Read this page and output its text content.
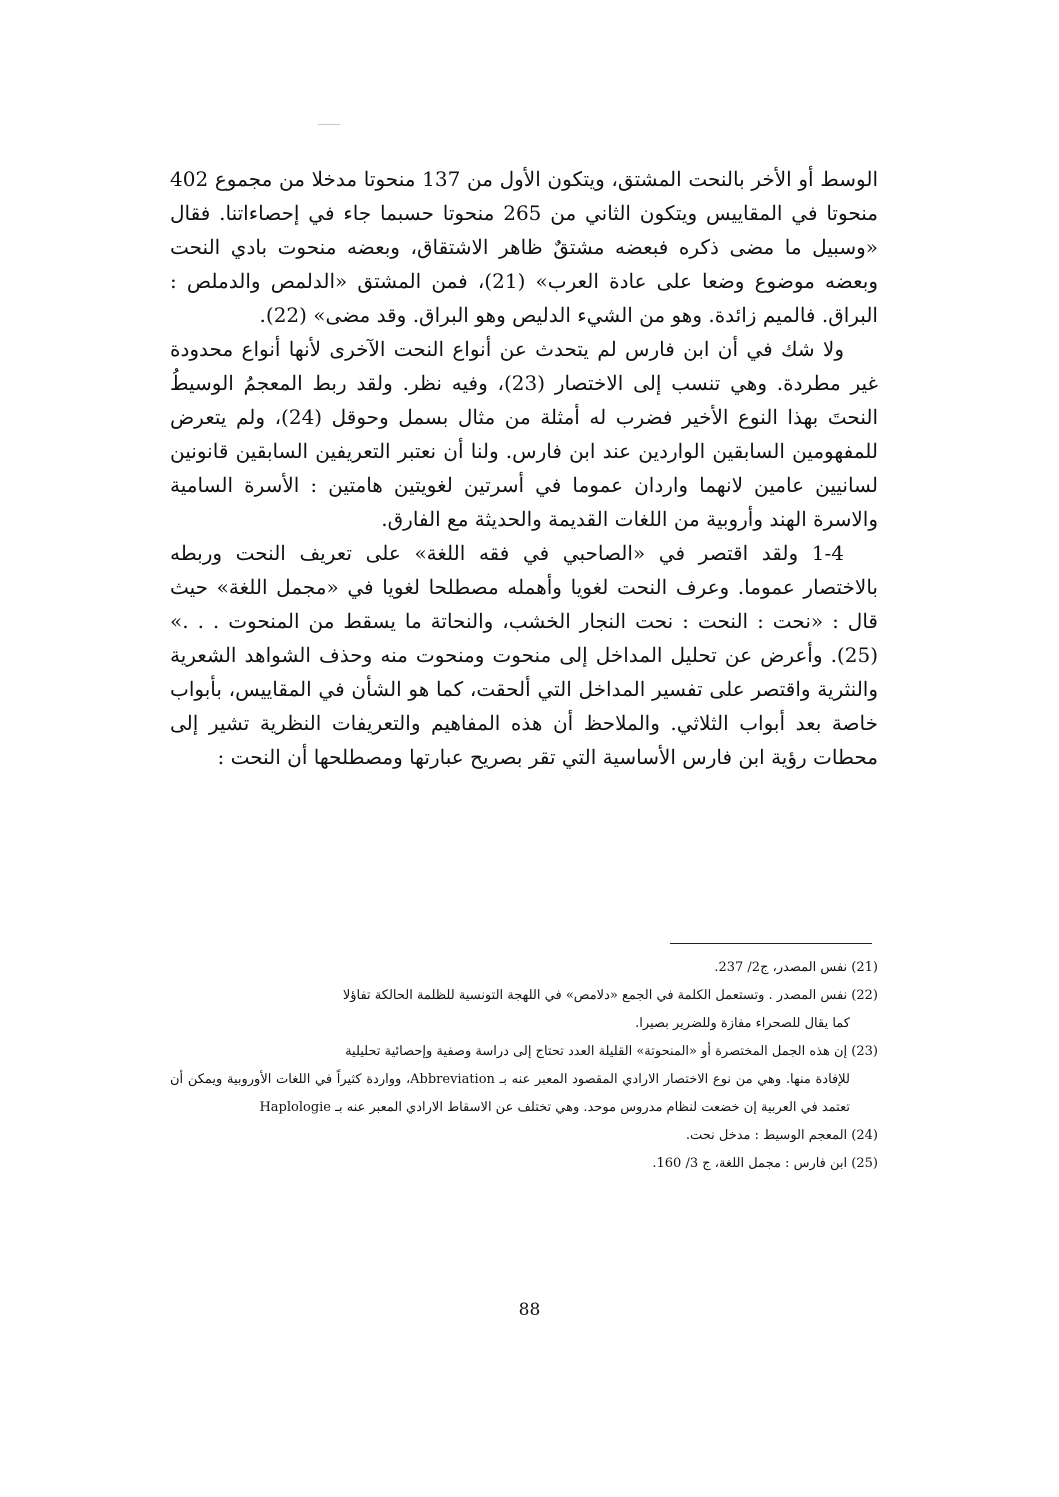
الوسط أو الأخر بالنحت المشتق، ويتكون الأول من 137 منحوتا مدخلا من مجموع 402 منحوتا في المقاييس ويتكون الثاني من 265 منحوتا حسبما جاء في إحصاءاتنا. فقال «وسبيل ما مضى ذكره فبعضه مشتقٌ ظاهر الاشتقاق، وبعضه منحوت بادي النحت وبعضه موضوع وضعا على عادة العرب» (21)، فمن المشتق «الدلمص والدملص : البراق. فالميم زائدة. وهو من الشيء الدليص وهو البراق. وقد مضى» (22).

ولا شك في أن ابن فارس لم يتحدث عن أنواع النحت الآخرى لأنها أنواع محدودة غير مطردة. وهي تنسب إلى الاختصار (23)، وفيه نظر. ولقد ربط المعجمُ الوسيطُ النحتَ بهذا النوع الأخير فضرب له أمثلة من مثال بسمل وحوقل (24)، ولم يتعرض للمفهومين السابقين الواردين عند ابن فارس. ولنا أن نعتبر التعريفين السابقين قانونين لسانيين عامين لانهما واردان عموما في أسرتين لغويتين هامتين : الأسرة السامية والاسرة الهند وأروبية من اللغات القديمة والحديثة مع الفارق.

1-4 ولقد اقتصر في «الصاحبي في فقه اللغة» على تعريف النحت وربطه بالاختصار عموما. وعرف النحت لغويا وأهمله مصطلحا لغويا في «مجمل اللغة» حيث قال : «نحت : النحت : نحت النجار الخشب، والنحاتة ما يسقط من المنحوت . . .» (25). وأعرض عن تحليل المداخل إلى منحوت ومنحوت منه وحذف الشواهد الشعرية والنثرية واقتصر على تفسير المداخل التي ألحقت، كما هو الشأن في المقاييس، بأبواب خاصة بعد أبواب الثلاثي. والملاحظ أن هذه المفاهيم والتعريفات النظرية تشير إلى محطات رؤية ابن فارس الأساسية التي تقر بصريح عبارتها ومصطلحها أن النحت :

(21) نفس المصدر، ج2/ 237.

(22) نفس المصدر . وتستعمل الكلمة في الجمع «دلامص» في اللهجة التونسية للظلمة الحالكة تفاؤلا
كما يقال للصحراء مفازة وللضرير بصيرا.

(23) إن هذه الجمل المختصرة أو «المنحوتة» القليلة العدد تحتاج إلى دراسة وصفية وإحصائية تحليلية
للإفادة منها. وهي من نوع الاختصار الارادي المقصود المعبر عنه بـ Abbreviation، وواردة كثيراً في اللغات الأوروبية ويمكن أن تعتمد في العربية إن خضعت لنظام مدروس موحد. وهي تختلف عن الاسقاط الارادي المعبر عنه بـ Haplologie

(24) المعجم الوسيط : مدخل نحت.

(25) ابن فارس : مجمل اللغة، ج 3/ 160.

88
